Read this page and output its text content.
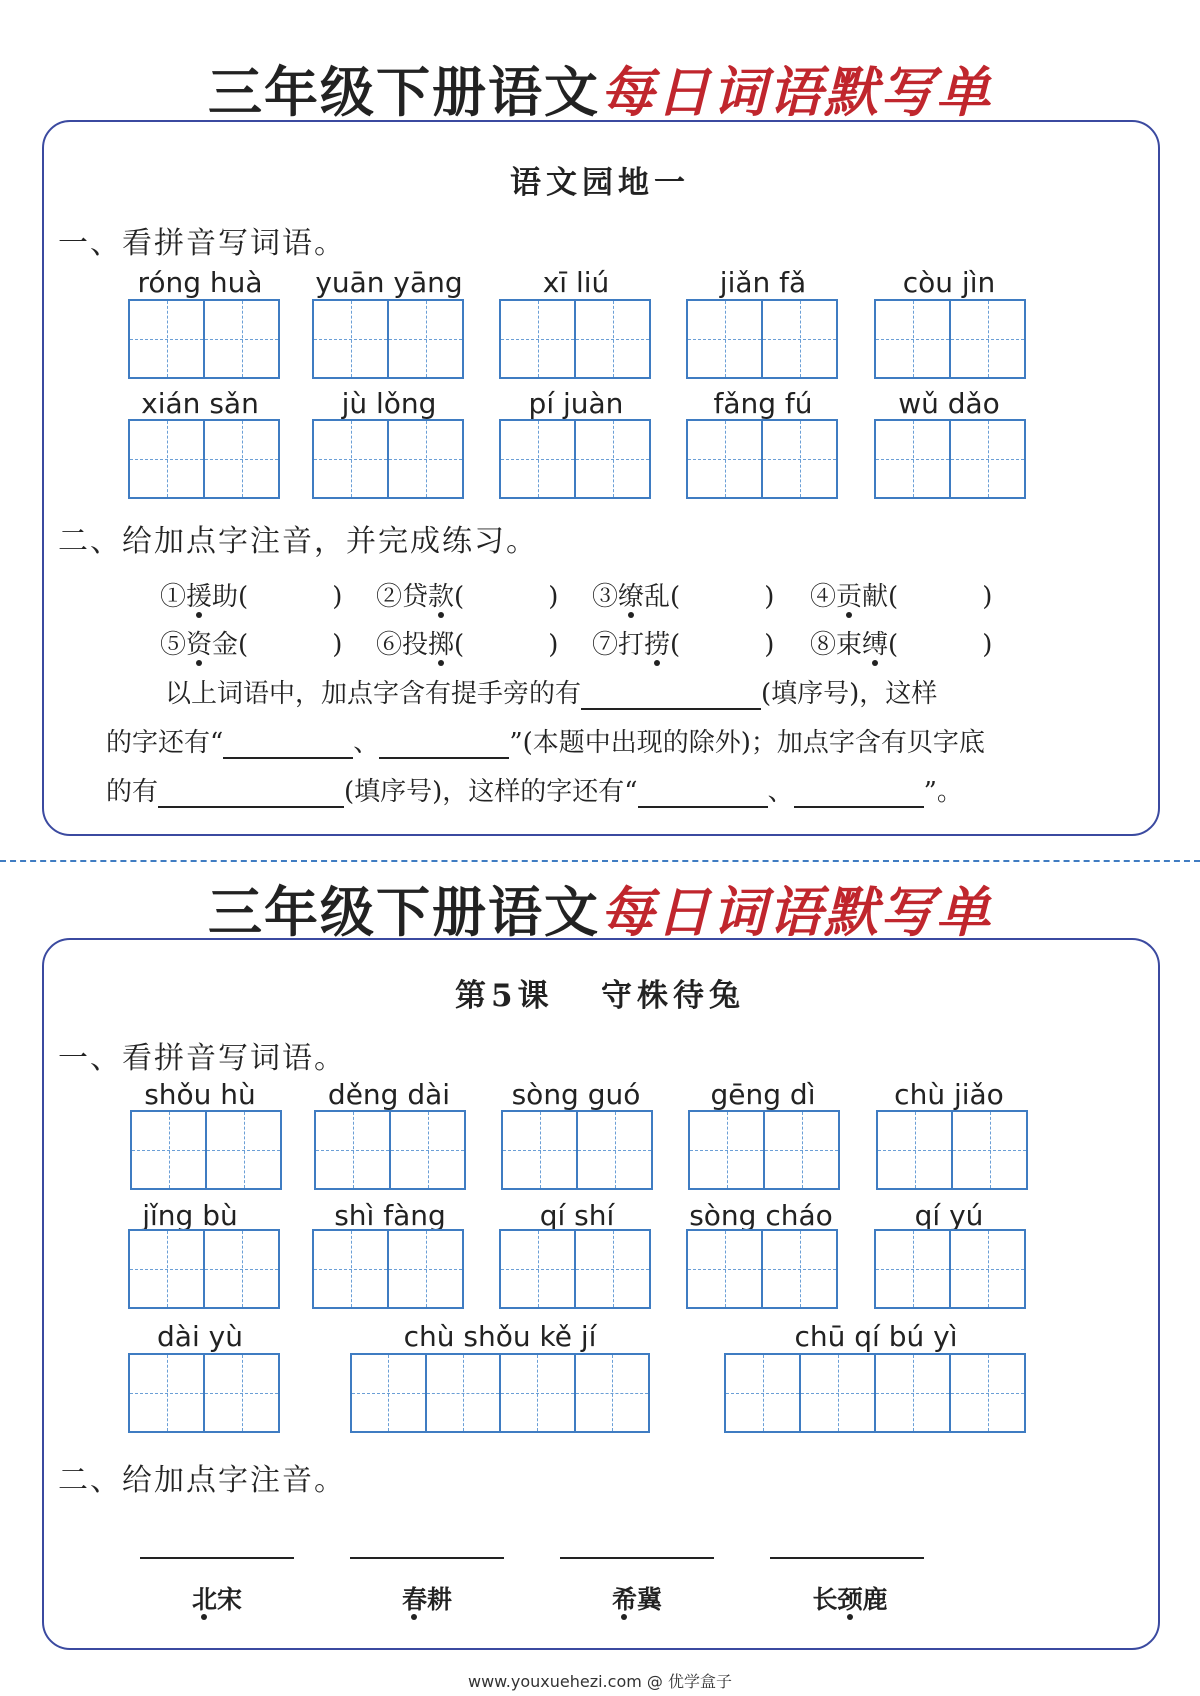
三年级下册语文每日词语默写单
语文园地一
一、看拼音写词语。
róng huà	yuān yāng	xī liú	jiǎn fǎ	còu jìn
xián sǎn	jù lǒng	pí juàn	fǎng fú	wǔ dǎo
二、给加点字注音，并完成练习。
①援助(	) ②贷款(	) ③缭乱(	) ④贡献(	)
⑤资金(	) ⑥投掷(	) ⑦打捞(	) ⑧束缚(	)
以上词语中，加点字含有提手旁的有	(填序号)，这样
的字还有“	、	”(本题中出现的除外)；加点字含有贝字底
的有	(填序号)，这样的字还有“	、	”。
三年级下册语文每日词语默写单
第5课   守株待兔
一、看拼音写词语。
shǒu hù	děng dài	sòng guó	gēng dì	chù jiǎo
jǐng bù	shì fàng	qí shí	sòng cháo	qí yú
dài yù	chù shǒu kě jí	chū qí bú yì
二、给加点字注音。
北宋	春耕	希冀	长颈鹿
www.youxuehezi.com @ 优学盒子
